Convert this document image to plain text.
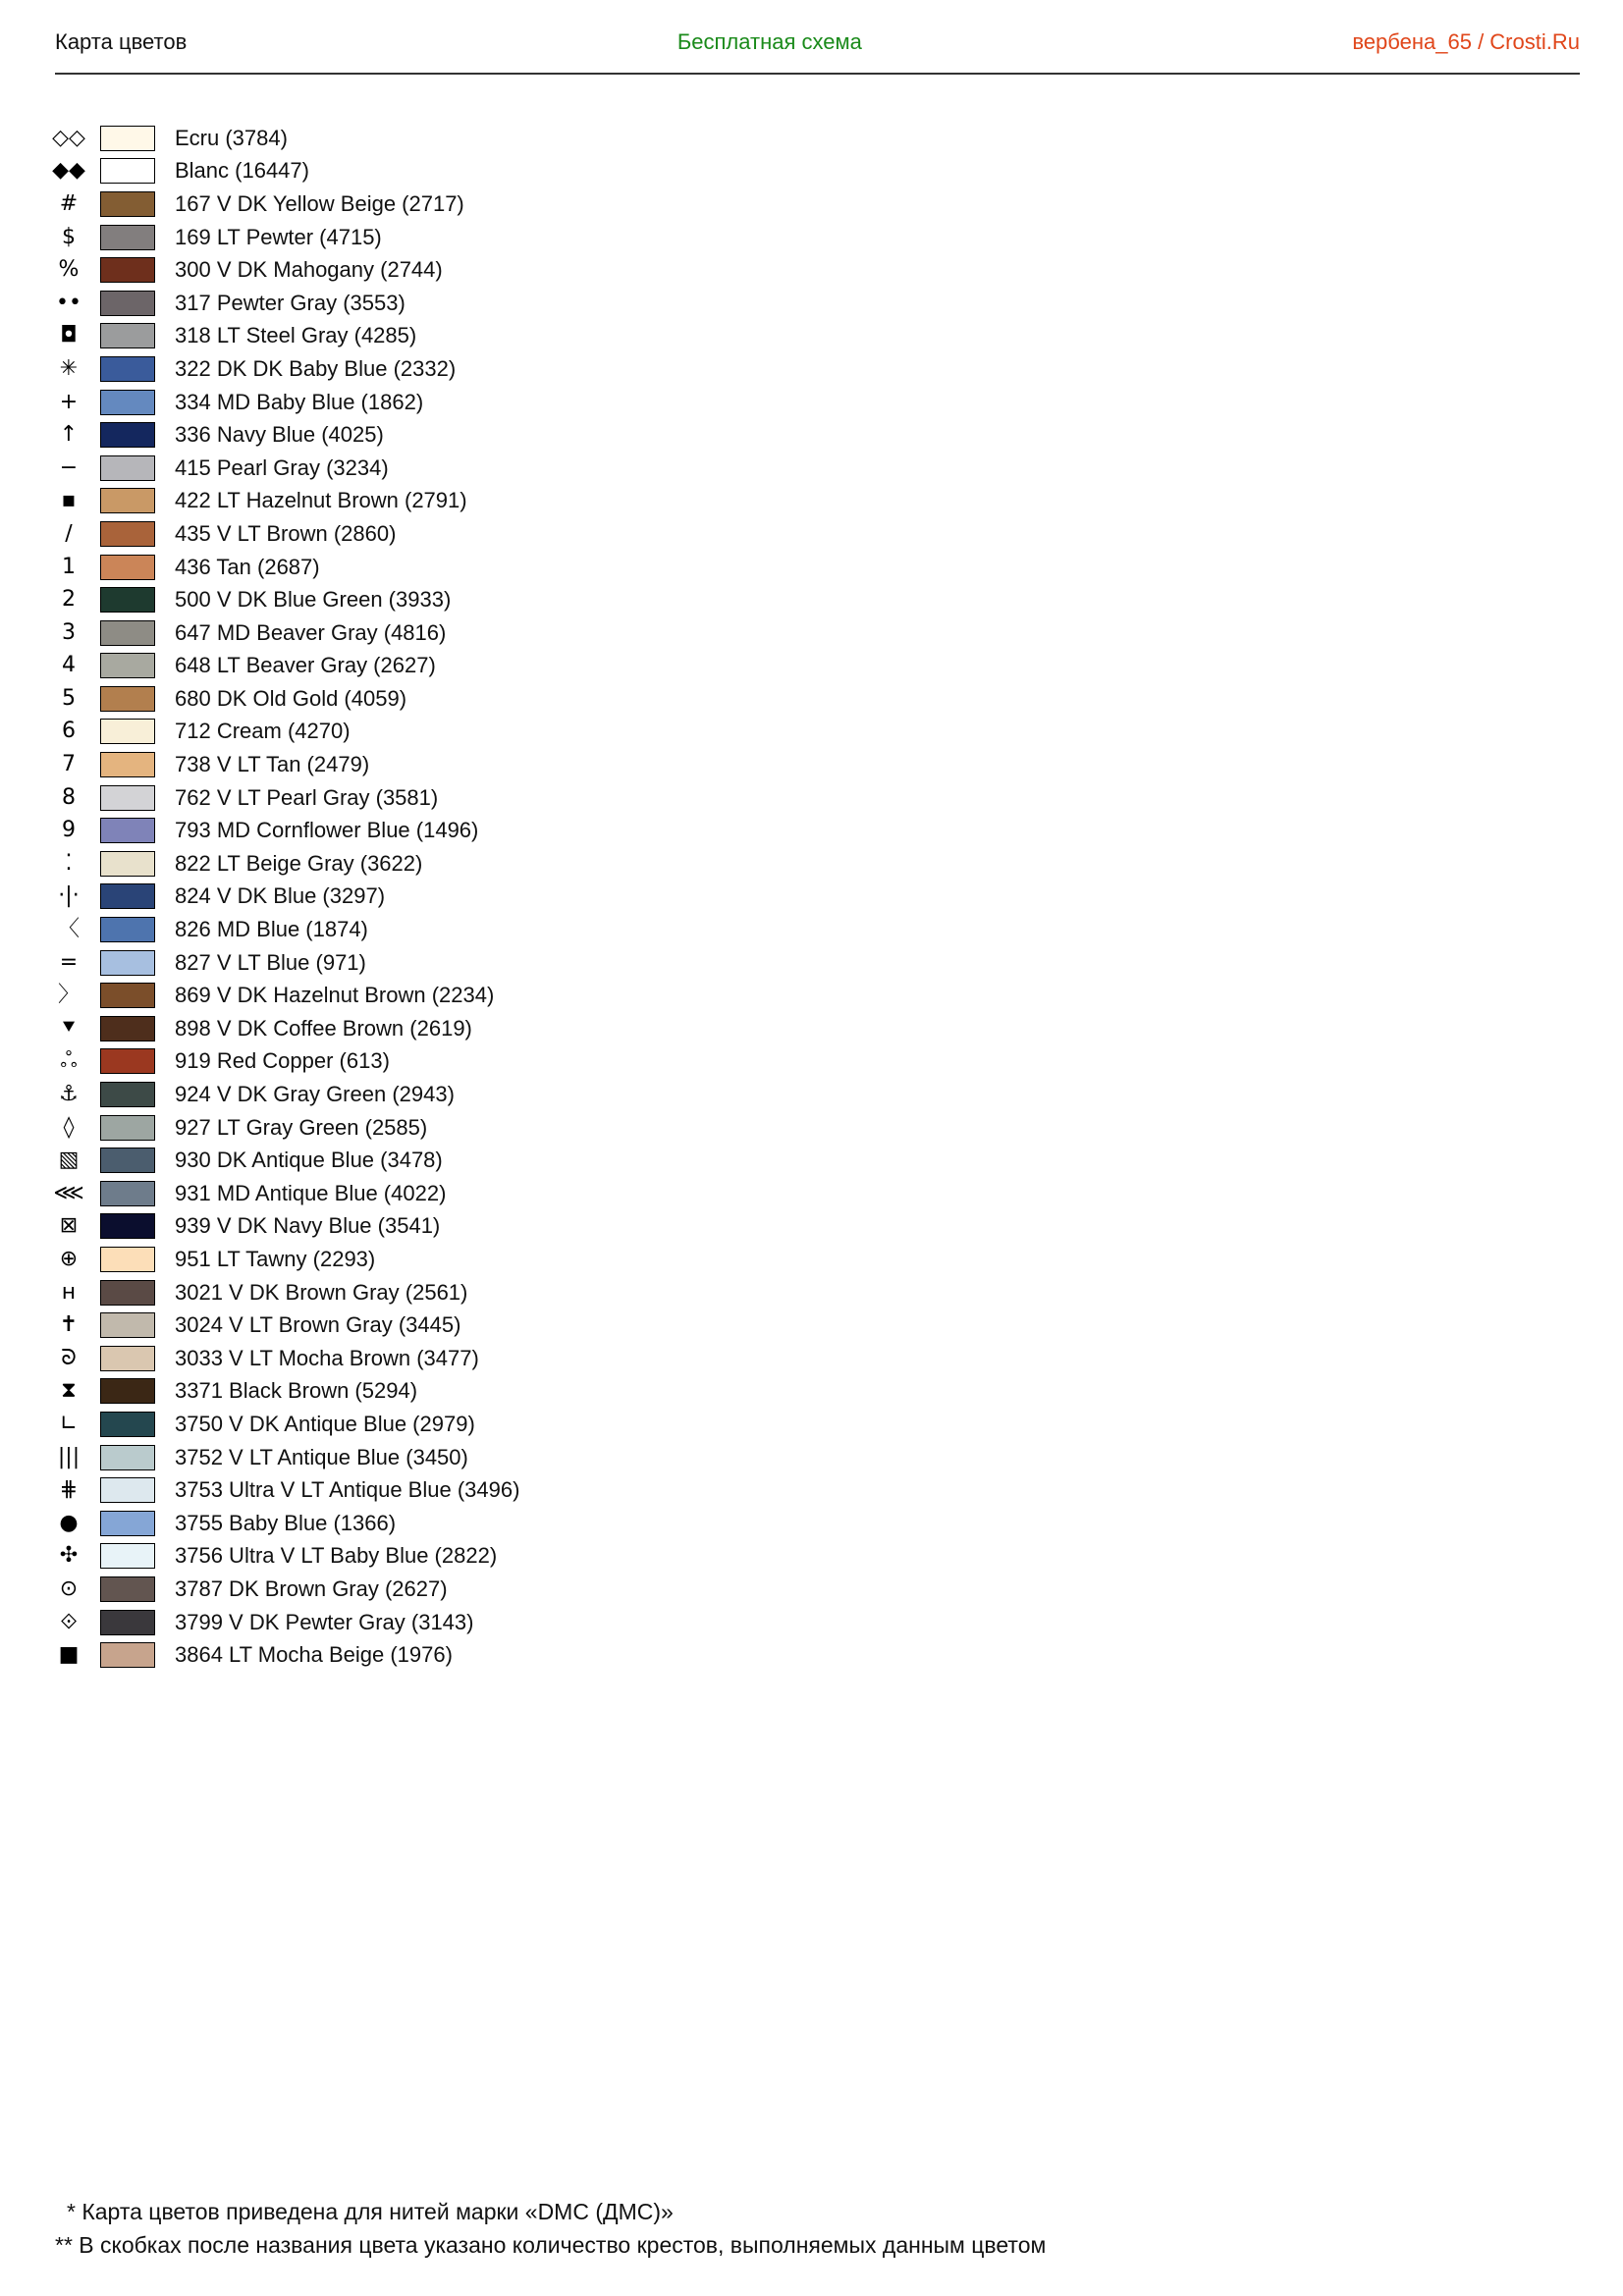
Карта цветов	Бесплатная схема	вербена_65 / Crosti.Ru
◇◇	Ecru (3784)
◆◆	Blanc (16447)
#	167 V DK Yellow Beige (2717)
$	169 LT Pewter (4715)
%	300 V DK Mahogany (2744)
••	317 Pewter Gray (3553)
◘	318 LT Steel Gray (4285)
✳	322 DK DK Baby Blue (2332)
+	334 MD Baby Blue (1862)
↑	336 Navy Blue (4025)
−	415 Pearl Gray (3234)
▪	422 LT Hazelnut Brown (2791)
∕	435 V LT Brown (2860)
1	436 Tan (2687)
2	500 V DK Blue Green (3933)
3	647 MD Beaver Gray (4816)
4	648 LT Beaver Gray (2627)
5	680 DK Old Gold (4059)
6	712 Cream (4270)
7	738 V LT Tan (2479)
8	762 V LT Pearl Gray (3581)
9	793 MD Cornflower Blue (1496)
⁚	822 LT Beige Gray (3622)
·|·	824 V DK Blue (3297)
〈	826 MD Blue (1874)
=	827 V LT Blue (971)
〉	869 V DK Hazelnut Brown (2234)
⯆	898 V DK Coffee Brown (2619)
ஃ	919 Red Copper (613)
⚓	924 V DK Gray Green (2943)
◊	927 LT Gray Green (2585)
▧	930 DK Antique Blue (3478)
⋘	931 MD Antique Blue (4022)
⊠	939 V DK Navy Blue (3541)
⊕	951 LT Tawny (2293)
ʜ	3021 V DK Brown Gray (2561)
✝	3024 V LT Brown Gray (3445)
ᘐ	3033 V LT Mocha Brown (3477)
⧗	3371 Black Brown (5294)
∟	3750 V DK Antique Blue (2979)
|||	3752 V LT Antique Blue (3450)
⋕	3753 Ultra V LT Antique Blue (3496)
●	3755 Baby Blue (1366)
✣	3756 Ultra V LT Baby Blue (2822)
⊙	3787 DK Brown Gray (2627)
⟐	3799 V DK Pewter Gray (3143)
■	3864 LT Mocha Beige (1976)
* Карта цветов приведена для нитей марки «DMC (ДМС)»
** В скобках после названия цвета указано количество крестов, выполняемых данным цветом
